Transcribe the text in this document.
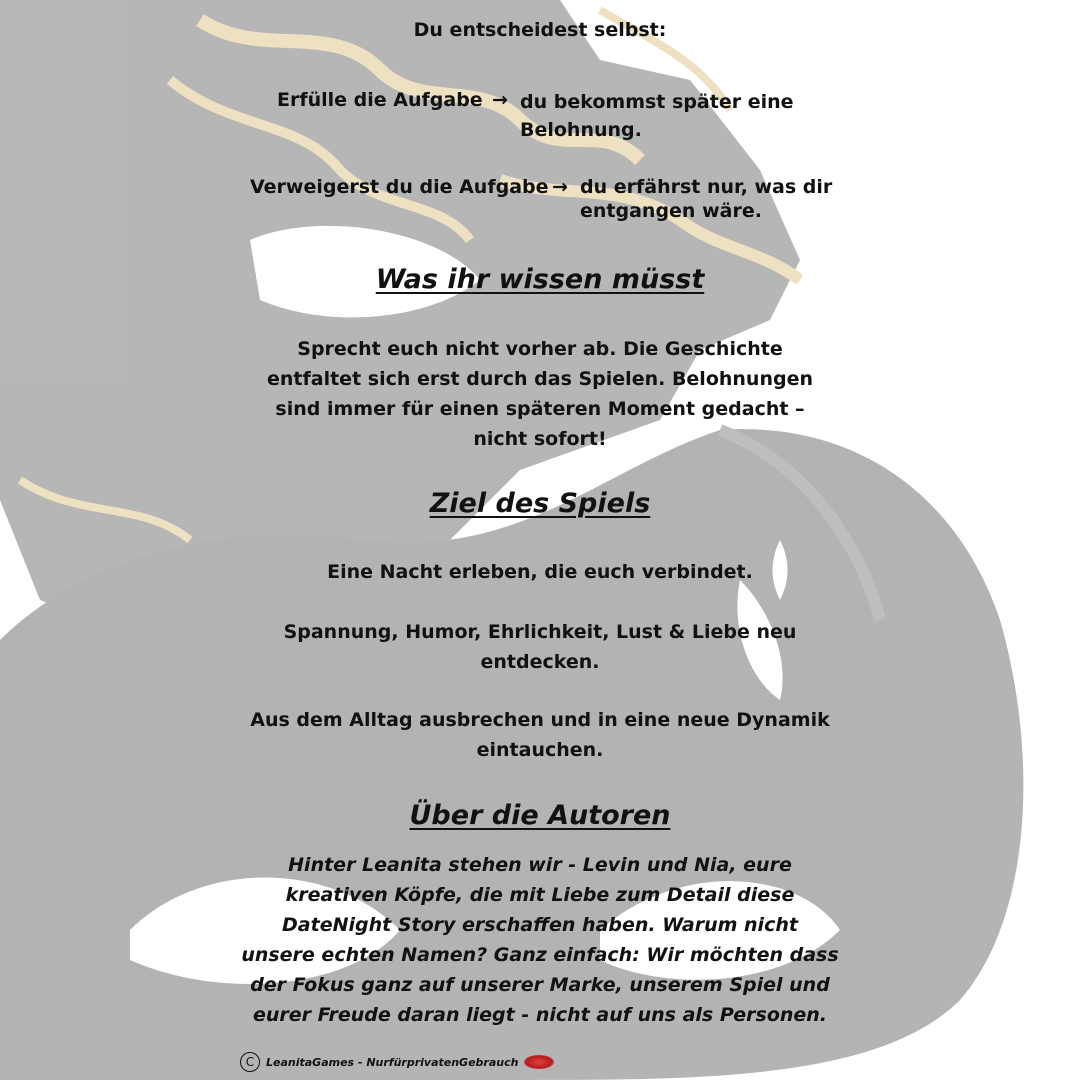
Du entscheidest selbst:

Erfülle die Aufgabe → du bekommst später eine

Belohnung.

Verweigerst du die Aufgabe → du erfährst nur, was dir

entgangen wäre.

Was ihr wissen müsst

Sprecht euch nicht vorher ab. Die Geschichte

entfaltet sich erst durch das Spielen. Belohnungen

sind immer für einen späteren Moment gedacht –

nicht sofort!

Ziel des Spiels

Eine Nacht erleben, die euch verbindet.

Spannung, Humor, Ehrlichkeit, Lust & Liebe neu

entdecken.

Aus dem Alltag ausbrechen und in eine neue Dynamik

eintauchen.

Über die Autoren

Hinter Leanita stehen wir - Levin und Nia, eure

kreativen Köpfe, die mit Liebe zum Detail diese

DateNight Story erschaffen haben. Warum nicht

unsere echten Namen? Ganz einfach: Wir möchten dass

der Fokus ganz auf unserer Marke, unserem Spiel und

eurer Freude daran liegt - nicht auf uns als Personen.

C	LeanitaGames - NurfürprivatenGebrauch
